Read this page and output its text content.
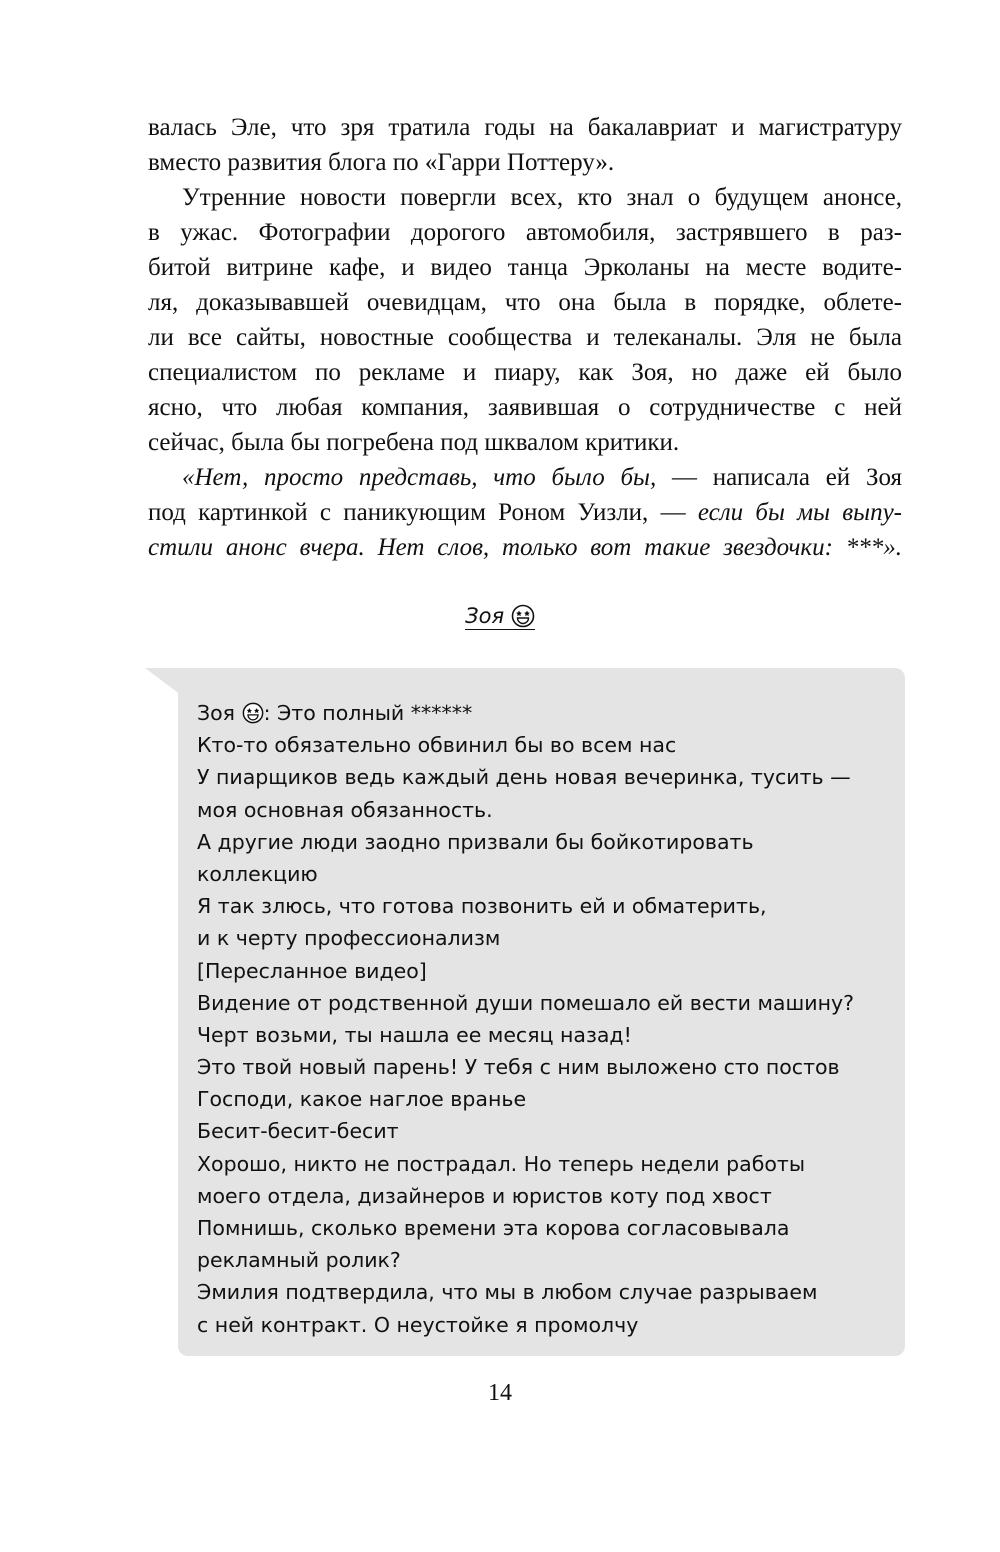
валась Эле, что зря тратила годы на бакалавриат и магистратуру
вместо развития блога по «Гарри Поттеру».
Утренние новости повергли всех, кто знал о будущем анонсе,
в ужас. Фотографии дорогого автомобиля, застрявшего в раз-
битой витрине кафе, и видео танца Эрколаны на месте водите-
ля, доказывавшей очевидцам, что она была в порядке, облете-
ли все сайты, новостные сообщества и телеканалы. Эля не была
специалистом по рекламе и пиару, как Зоя, но даже ей было
ясно, что любая компания, заявившая о сотрудничестве с ней
сейчас, была бы погребена под шквалом критики.
«Нет, просто представь, что было бы, — написала ей Зоя
под картинкой с паникующим Роном Уизли, — если бы мы выпу-
стили анонс вчера. Нет слов, только вот такие звездочки: ***».
Зоя
Зоя : Это полный ******
Кто-то обязательно обвинил бы во всем нас
У пиарщиков ведь каждый день новая вечеринка, тусить —
моя основная обязанность.
А другие люди заодно призвали бы бойкотировать
коллекцию
Я так злюсь, что готова позвонить ей и обматерить,
и к черту профессионализм
[Пересланное видео]
Видение от родственной души помешало ей вести машину?
Черт возьми, ты нашла ее месяц назад!
Это твой новый парень! У тебя с ним выложено сто постов
Господи, какое наглое вранье
Бесит-бесит-бесит
Хорошо, никто не пострадал. Но теперь недели работы
моего отдела, дизайнеров и юристов коту под хвост
Помнишь, сколько времени эта корова согласовывала
рекламный ролик?
Эмилия подтвердила, что мы в любом случае разрываем
с ней контракт. О неустойке я промолчу
14
